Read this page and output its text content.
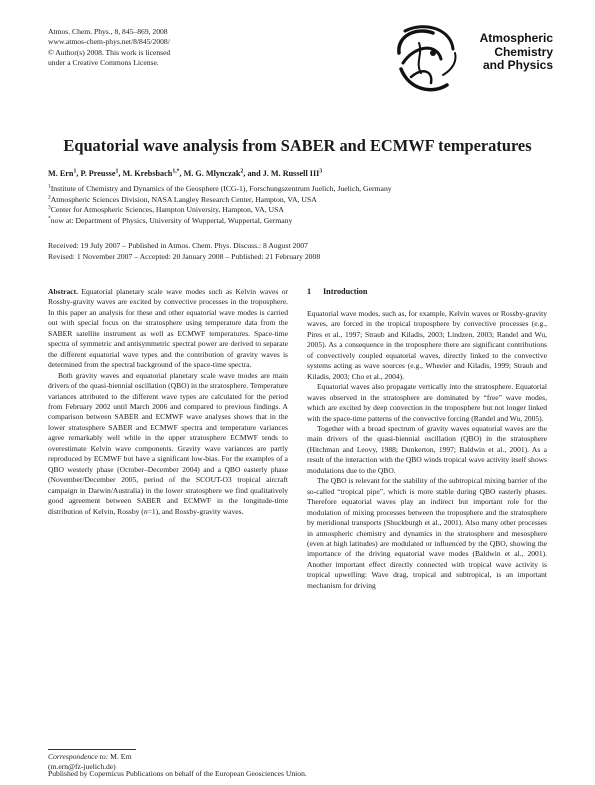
Atmos. Chem. Phys., 8, 845–869, 2008
www.atmos-chem-phys.net/8/845/2008/
© Author(s) 2008. This work is licensed
under a Creative Commons License.
Atmospheric
Chemistry
and Physics
Equatorial wave analysis from SABER and ECMWF temperatures
M. Ern$^1$, P. Preusse$^1$, M. Krebsbach$^{1,*}$, M. G. Mlynczak$^2$, and J. M. Russell III$^3$
$^1$Institute of Chemistry and Dynamics of the Geosphere (ICG-1), Forschungszentrum Juelich, Juelich, Germany
$^2$Atmospheric Sciences Division, NASA Langley Research Center, Hampton, VA, USA
$^3$Center for Atmospheric Sciences, Hampton University, Hampton, VA, USA
*now at: Department of Physics, University of Wuppertal, Wuppertal, Germany
Received: 19 July 2007 – Published in Atmos. Chem. Phys. Discuss.: 8 August 2007
Revised: 1 November 2007 – Accepted: 20 January 2008 – Published: 21 February 2008

Abstract. Equatorial planetary scale wave modes such as Kelvin waves or Rossby-gravity waves are excited by convective processes in the troposphere. In this paper an analysis for these and other equatorial wave modes is carried out with special focus on the stratosphere using temperature data from the SABER satellite instrument as well as ECMWF temperatures. Space-time spectra of symmetric and antisymmetric spectral power are derived to separate the different equatorial wave types and the contribution of gravity waves is determined from the spectral background of the space-time spectra.

Both gravity waves and equatorial planetary scale wave modes are main drivers of the quasi-biennial oscillation (QBO) in the stratosphere. Temperature variances attributed to the different wave types are calculated for the period from February 2002 until March 2006 and compared to previous findings. A comparison between SABER and ECMWF wave analyses shows that in the lower stratosphere SABER and ECMWF spectra and temperature variances agree remarkably well while in the upper stratosphere ECMWF tends to overestimate Kelvin wave components. Gravity wave variances are partly reproduced by ECMWF but have a significant low-bias. For the examples of a QBO westerly phase (October–December 2004) and a QBO easterly phase (November/December 2005, period of the SCOUT-O3 tropical aircraft campaign in Darwin/Australia) in the lower stratosphere we find qualitatively good agreement between SABER and ECMWF in the longitude-time distribution of Kelvin, Rossby (n=1), and Rossby-gravity waves.

Correspondence to: M. Ern
(m.ern@fz-juelich.de)
1 Introduction

Equatorial wave modes, such as, for example, Kelvin waves or Rossby-gravity waves, are forced in the tropical troposphere by convective processes (e.g., Pires et al., 1997; Straub and Kiladis, 2003; Lindzen, 2003; Randel and Wu, 2005). As a consequence in the troposphere there are significant contributions of convectively coupled equatorial waves, directly linked to the convective systems acting as wave sources (e.g., Wheeler and Kiladis, 1999; Straub and Kiladis, 2003; Cho et al., 2004).

Equatorial waves also propagate vertically into the stratosphere. Equatorial waves observed in the stratosphere are dominated by “free” wave modes, which are excited by deep convection in the troposphere but not longer linked with the space-time patterns of the convective forcing (Randel and Wu, 2005).

Together with a broad spectrum of gravity waves equatorial waves are the main drivers of the quasi-biennial oscillation (QBO) in the stratosphere (Hitchman and Leovy, 1988; Dunkerton, 1997; Baldwin et al., 2001). As a result of the interaction with the QBO winds tropical wave activity itself shows modulations due to the QBO.

The QBO is relevant for the stability of the subtropical mixing barrier of the so-called “tropical pipe”, which is more stable during QBO easterly phases. Therefore equatorial waves play an indirect but important role for the modulation of mixing processes between the troposphere and the stratosphere by meridional transports (Shuckburgh et al., 2001). Also many other processes in atmospheric chemistry and dynamics in the stratosphere and mesosphere (even at high latitudes) are modulated or influenced by the QBO, showing the importance of the driving equatorial wave modes (Baldwin et al., 2001). Another important effect directly connected with tropical wave activity is tropical upwelling: Wave drag, tropical and subtropical, is an important mechanism for driving

Published by Copernicus Publications on behalf of the European Geosciences Union.
